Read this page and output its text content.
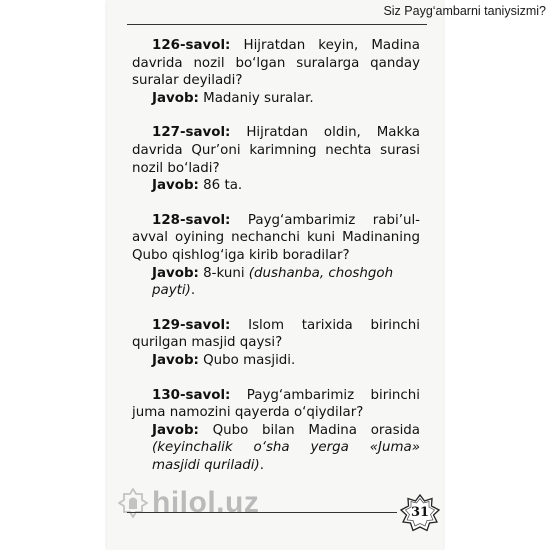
Siz Payg‘ambarni taniysizmi?

126-savol: Hijratdan keyin, Madina davrida nozil bo‘lgan suralarga qanday suralar deyiladi?

Javob: Madaniy suralar.

127-savol: Hijratdan oldin, Makka davrida Qur’oni karimning nechta surasi nozil bo‘ladi?

Javob: 86 ta.

128-savol: Payg‘ambarimiz rabi’ul-avval oyining nechanchi kuni Madinaning Qubo qishlog‘iga kirib boradilar?

Javob: 8-kuni (dushanba, choshgoh payti).

129-savol: Islom tarixida birinchi qurilgan masjid qaysi?

Javob: Qubo masjidi.

130-savol: Payg‘ambarimiz birinchi juma namozini qayerda o‘qiydilar?

Javob: Qubo bilan Madina orasida (keyinchalik o‘sha yerga «Juma» masjidi quriladi).

hilol.uz	31
